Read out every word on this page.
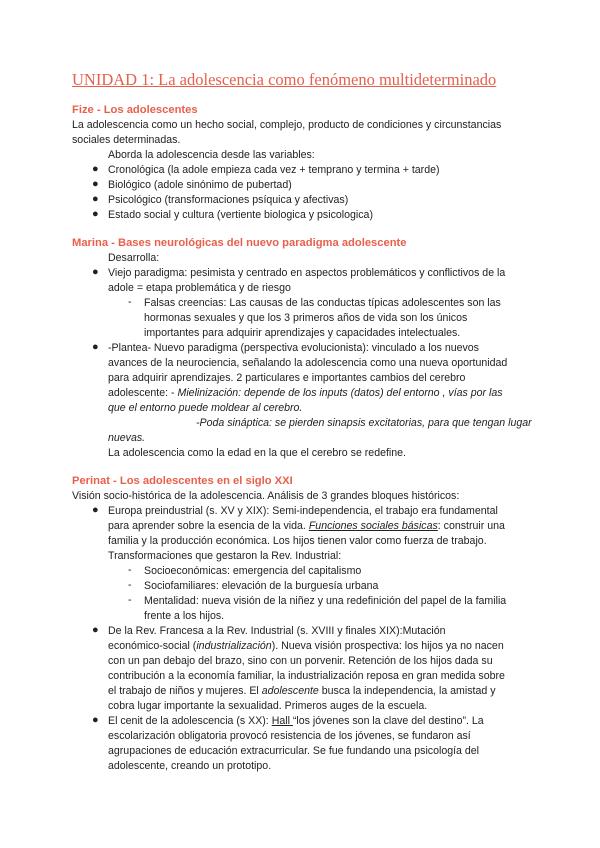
UNIDAD 1: La adolescencia como fenómeno multideterminado
Fize - Los adolescentes
La adolescencia como un hecho social, complejo, producto de condiciones y circunstancias
sociales determinadas.
Aborda la adolescencia desde las variables:
● Cronológica (la adole empieza cada vez + temprano y termina + tarde)
● Biológico (adole sinónimo de pubertad)
● Psicológico (transformaciones psíquica y afectivas)
● Estado social y cultura (vertiente biologica y psicologica)
Marina - Bases neurológicas del nuevo paradigma adolescente
Desarrolla:
● Viejo paradigma: pesimista y centrado en aspectos problemáticos y conflictivos de la
adole = etapa problemática y de riesgo
- Falsas creencias: Las causas de las conductas típicas adolescentes son las
hormonas sexuales y que los 3 primeros años de vida son los únicos
importantes para adquirir aprendizajes y capacidades intelectuales.
● -Plantea- Nuevo paradigma (perspectiva evolucionista): vinculado a los nuevos
avances de la neurociencia, señalando la adolescencia como una nueva oportunidad
para adquirir aprendizajes. 2 particulares e importantes cambios del cerebro
adolescente: - Mielinización: depende de los inputs (datos) del entorno , vías por las
que el entorno puede moldear al cerebro.
-Poda sináptica: se pierden sinapsis excitatorias, para que tengan lugar
nuevas.
La adolescencia como la edad en la que el cerebro se redefine.
Perinat - Los adolescentes en el siglo XXI
Visión socio-histórica de la adolescencia. Análisis de 3 grandes bloques históricos:
● Europa preindustrial (s. XV y XIX): Semi-independencia, el trabajo era fundamental
para aprender sobre la esencia de la vida. Funciones sociales básicas: construir una
familia y la producción económica. Los hijos tienen valor como fuerza de trabajo.
Transformaciones que gestaron la Rev. Industrial:
- Socioeconómicas: emergencia del capitalismo
- Sociofamiliares: elevación de la burguesía urbana
- Mentalidad: nueva visión de la niñez y una redefinición del papel de la familia
frente a los hijos.
● De la Rev. Francesa a la Rev. Industrial (s. XVIII y finales XIX):Mutación
económico-social (industrialización). Nueva visión prospectiva: los hijos ya no nacen
con un pan debajo del brazo, sino con un porvenir. Retención de los hijos dada su
contribución a la economía familiar, la industrialización reposa en gran medida sobre
el trabajo de niños y mujeres. El adolescente busca la independencia, la amistad y
cobra lugar importante la sexualidad. Primeros auges de la escuela.
● El cenit de la adolescencia (s XX): Hall “los jóvenes son la clave del destino”. La
escolarización obligatoria provocó resistencia de los jóvenes, se fundaron así
agrupaciones de educación extracurricular. Se fue fundando una psicología del
adolescente, creando un prototipo.
